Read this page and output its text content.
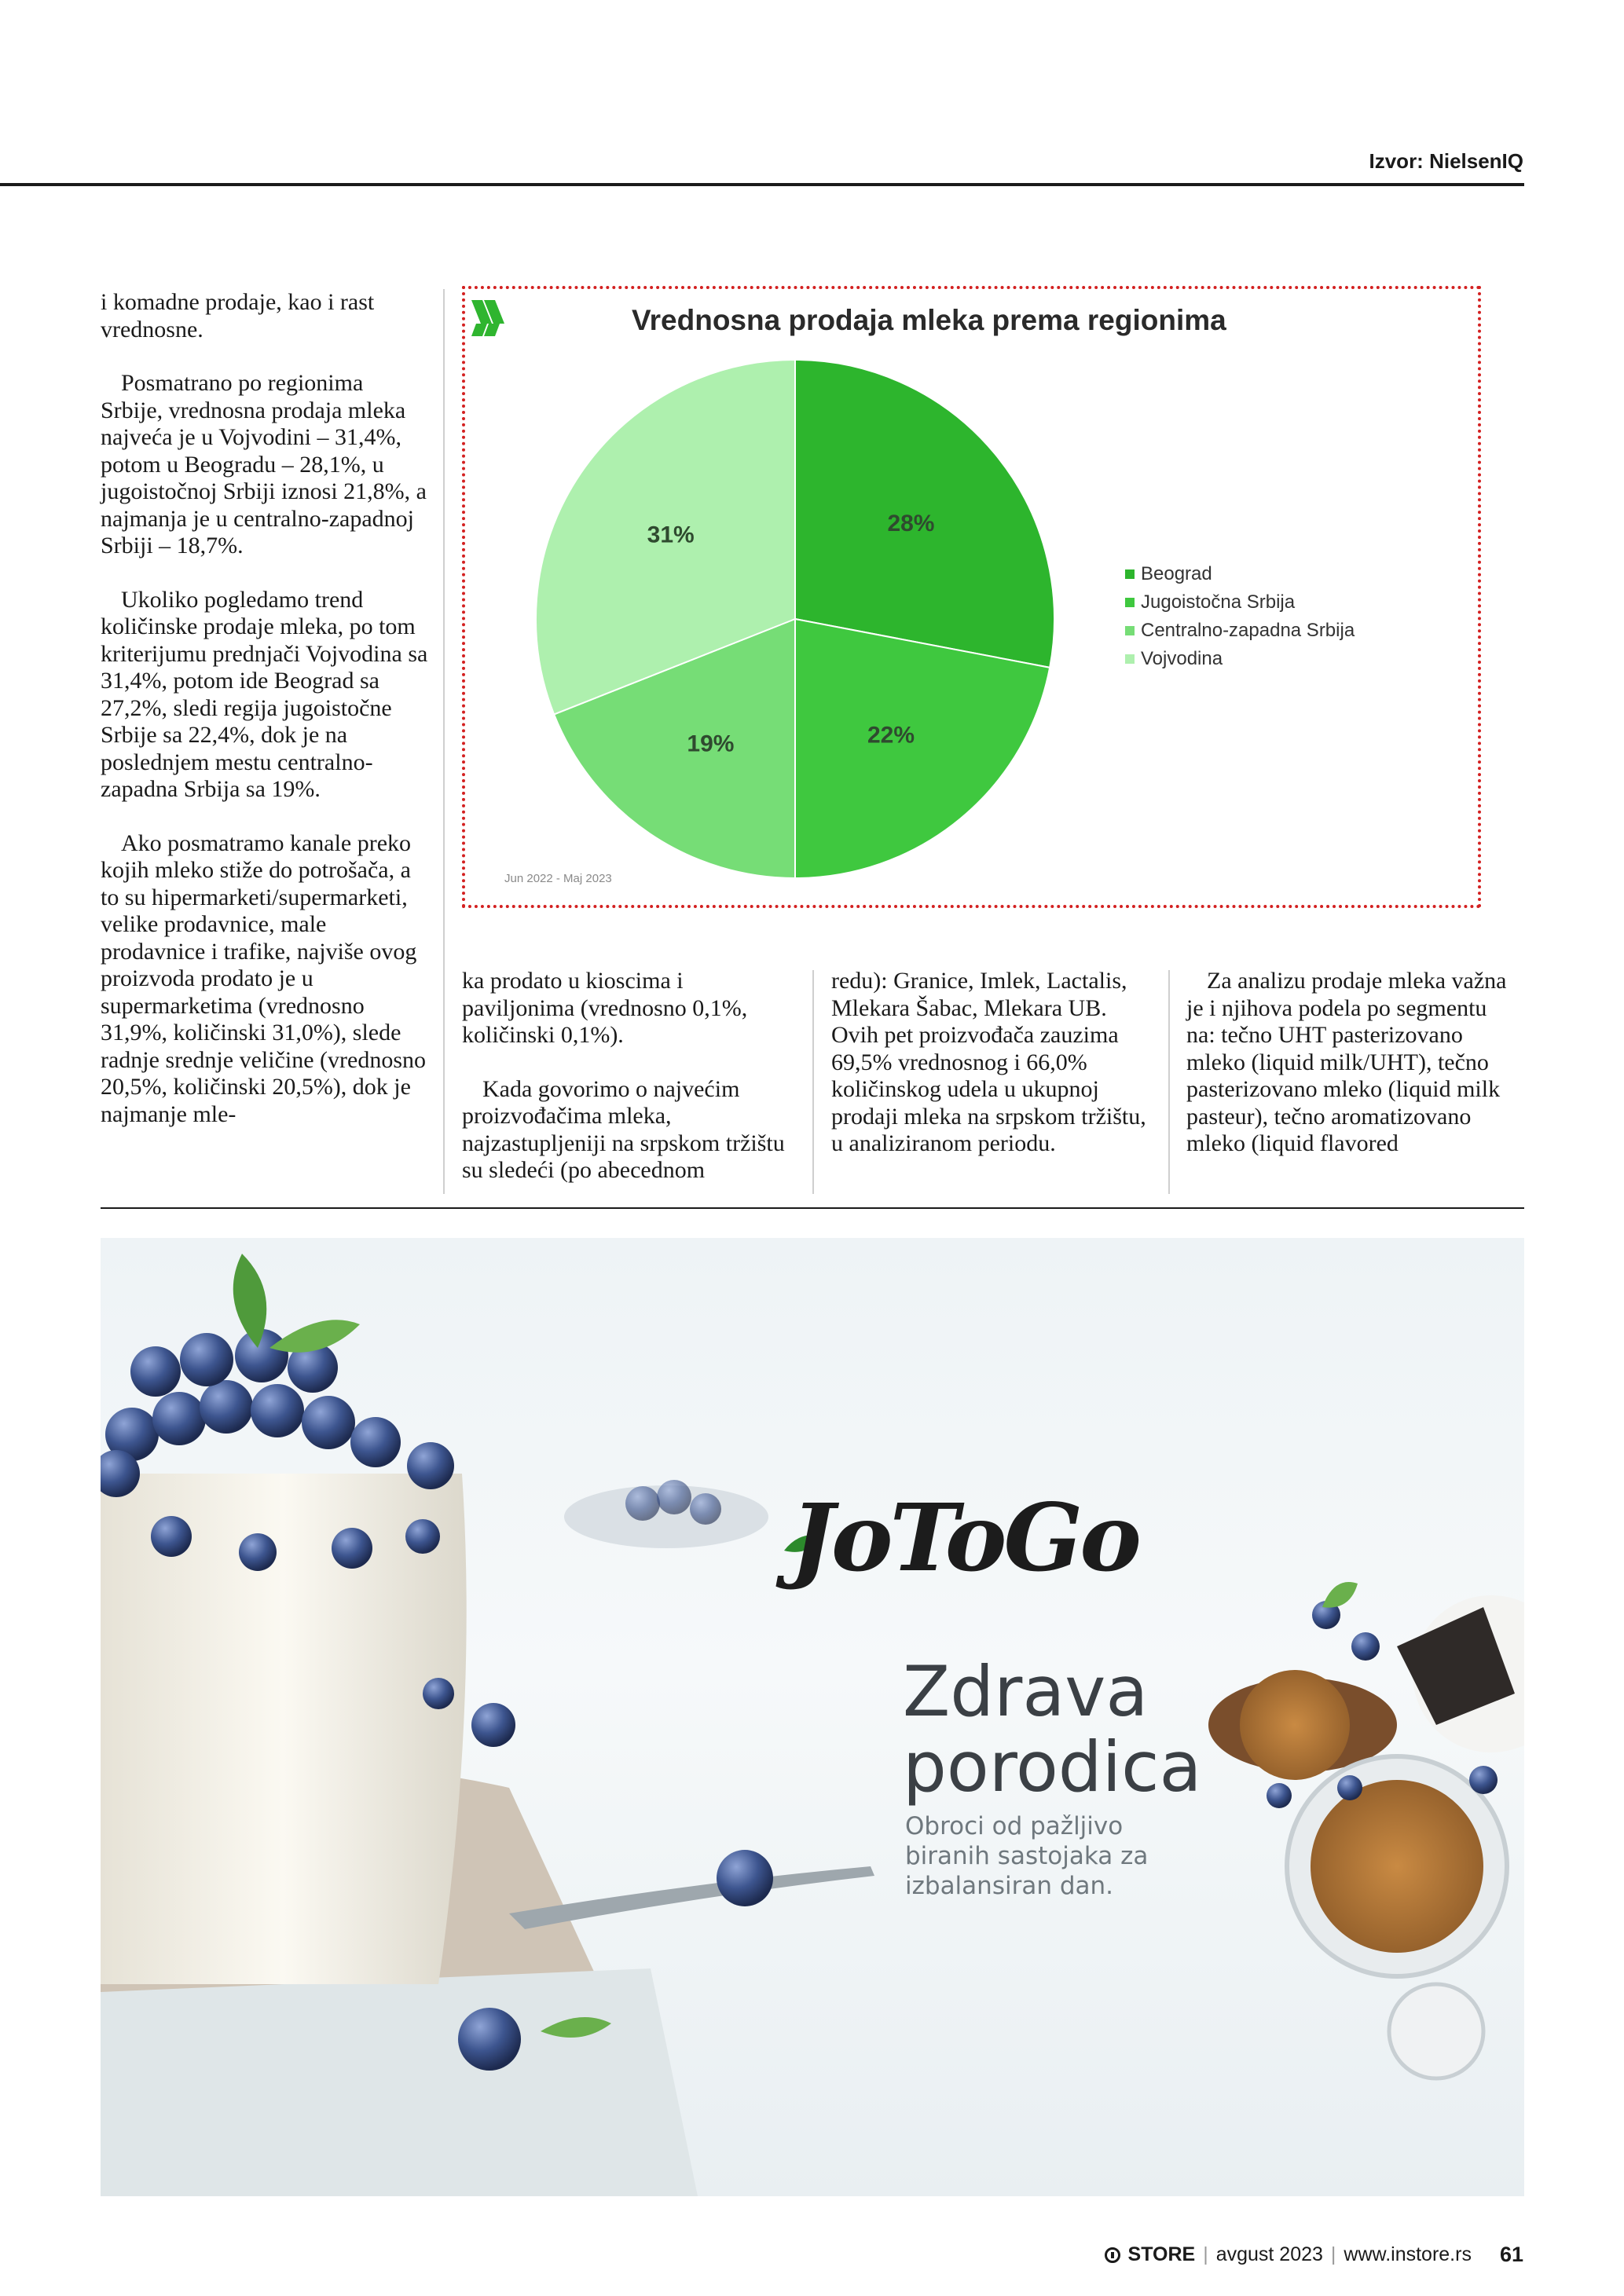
Izvor: NielsenIQ

i komadne prodaje, kao i rast vrednosne.

Posmatrano po regionima Srbije, vrednosna prodaja mleka najveća je u Vojvodini – 31,4%, potom u Beogradu – 28,1%, u jugoistočnoj Srbiji iznosi 21,8%, a najmanja je u centralno-zapadnoj Srbiji – 18,7%.

Ukoliko pogledamo trend količinske prodaje mleka, po tom kriterijumu prednjači Vojvodina sa 31,4%, potom ide Beograd sa 27,2%, sledi regija jugoistočne Srbije sa 22,4%, dok je na poslednjem mestu centralno-zapadna Srbija sa 19%.

Ako posmatramo kanale preko kojih mleko stiže do potrošača, a to su hipermarketi/supermarketi, velike prodavnice, male prodavnice i trafike, najviše ovog proizvoda prodato je u supermarketima (vrednosno 31,9%, količinski 31,0%), slede radnje srednje veličine (vrednosno 20,5%, količinski 20,5%), dok je najmanje mle-

ka prodato u kioscima i paviljonima (vrednosno 0,1%, količinski 0,1%).

Kada govorimo o najvećim proizvođačima mleka, najzastupljeniji na srpskom tržištu su sledeći (po abecednom

redu): Granice, Imlek, Lactalis, Mlekara Šabac, Mlekara UB. Ovih pet proizvođača zauzima 69,5% vrednosnog i 66,0% količinskog udela u ukupnoj prodaji mleka na srpskom tržištu, u analiziranom periodu.

Za analizu prodaje mleka važna je i njihova podela po segmentu na: tečno UHT pasterizovano mleko (liquid milk/UHT), tečno pasterizovano mleko (liquid milk pasteur), tečno aromatizovano mleko (liquid flavored

Vrednosna prodaja mleka prema regionima
28%
22%
19%
31%
Beograd
Jugoistočna Srbija
Centralno-zapadna Srbija
Vojvodina
Jun 2022 - Maj 2023
JoToGo
Zdrava
porodica
Obroci od pažljivo biranih sastojaka za izbalansiran dan.
STORE | avgust 2023 | www.instore.rs 61
